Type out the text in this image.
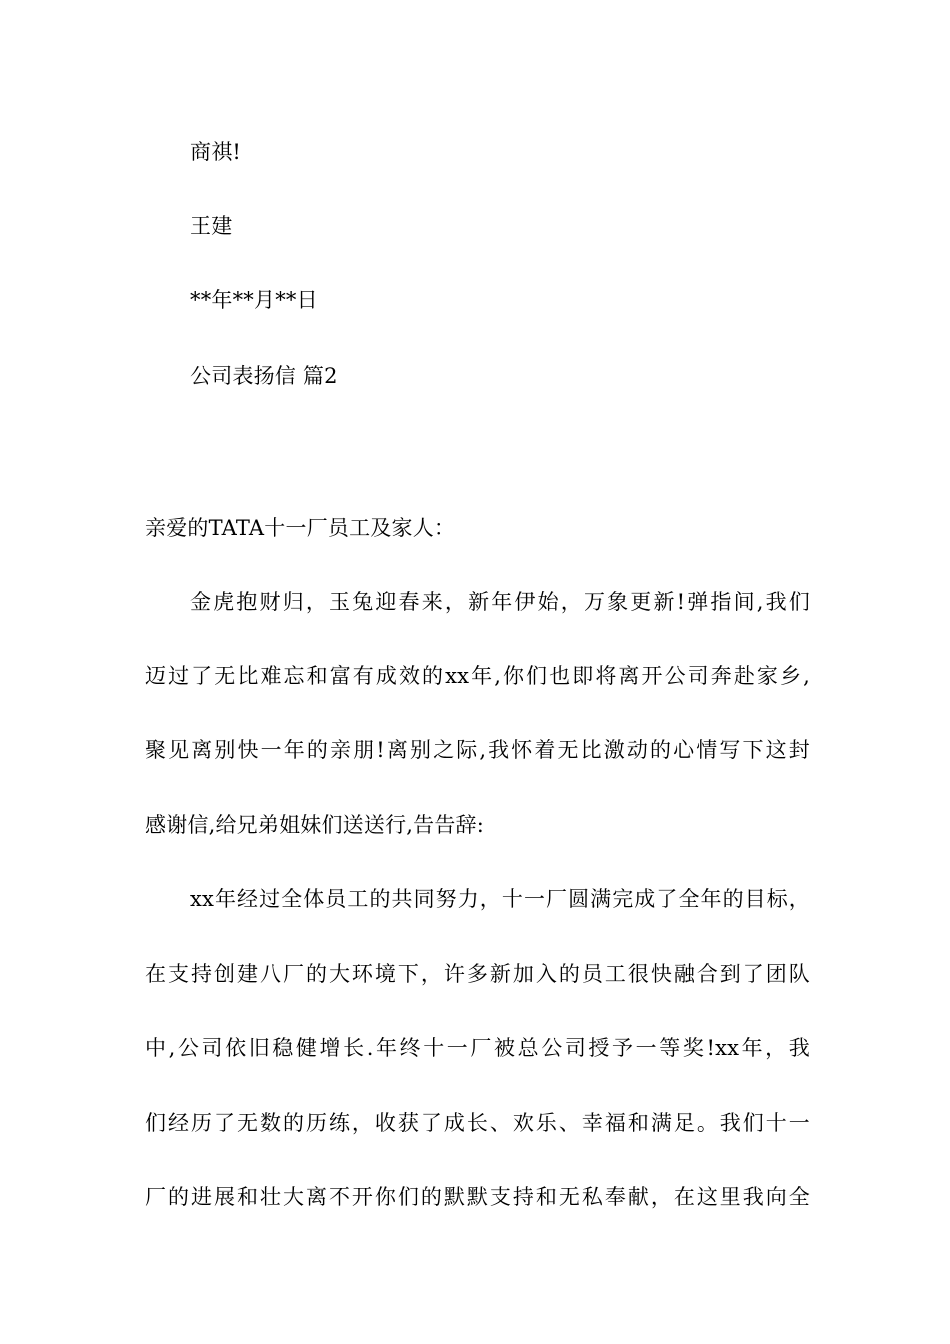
商祺!
王建
**年**月**日
公司表扬信 篇2
亲爱的TATA十一厂员工及家人：
金虎抱财归，玉兔迎春来，新年伊始，万象更新!弹指间,我们
迈过了无比难忘和富有成效的xx年,你们也即将离开公司奔赴家乡,
聚见离别快一年的亲朋!离别之际,我怀着无比激动的心情写下这封
感谢信,给兄弟姐妹们送送行,告告辞:
xx年经过全体员工的共同努力，十一厂圆满完成了全年的目标，
在支持创建八厂的大环境下，许多新加入的员工很快融合到了团队
中,公司依旧稳健增长.年终十一厂被总公司授予一等奖!xx年，我
们经历了无数的历练，收获了成长、欢乐、幸福和满足。我们十一
厂的进展和壮大离不开你们的默默支持和无私奉献，在这里我向全
